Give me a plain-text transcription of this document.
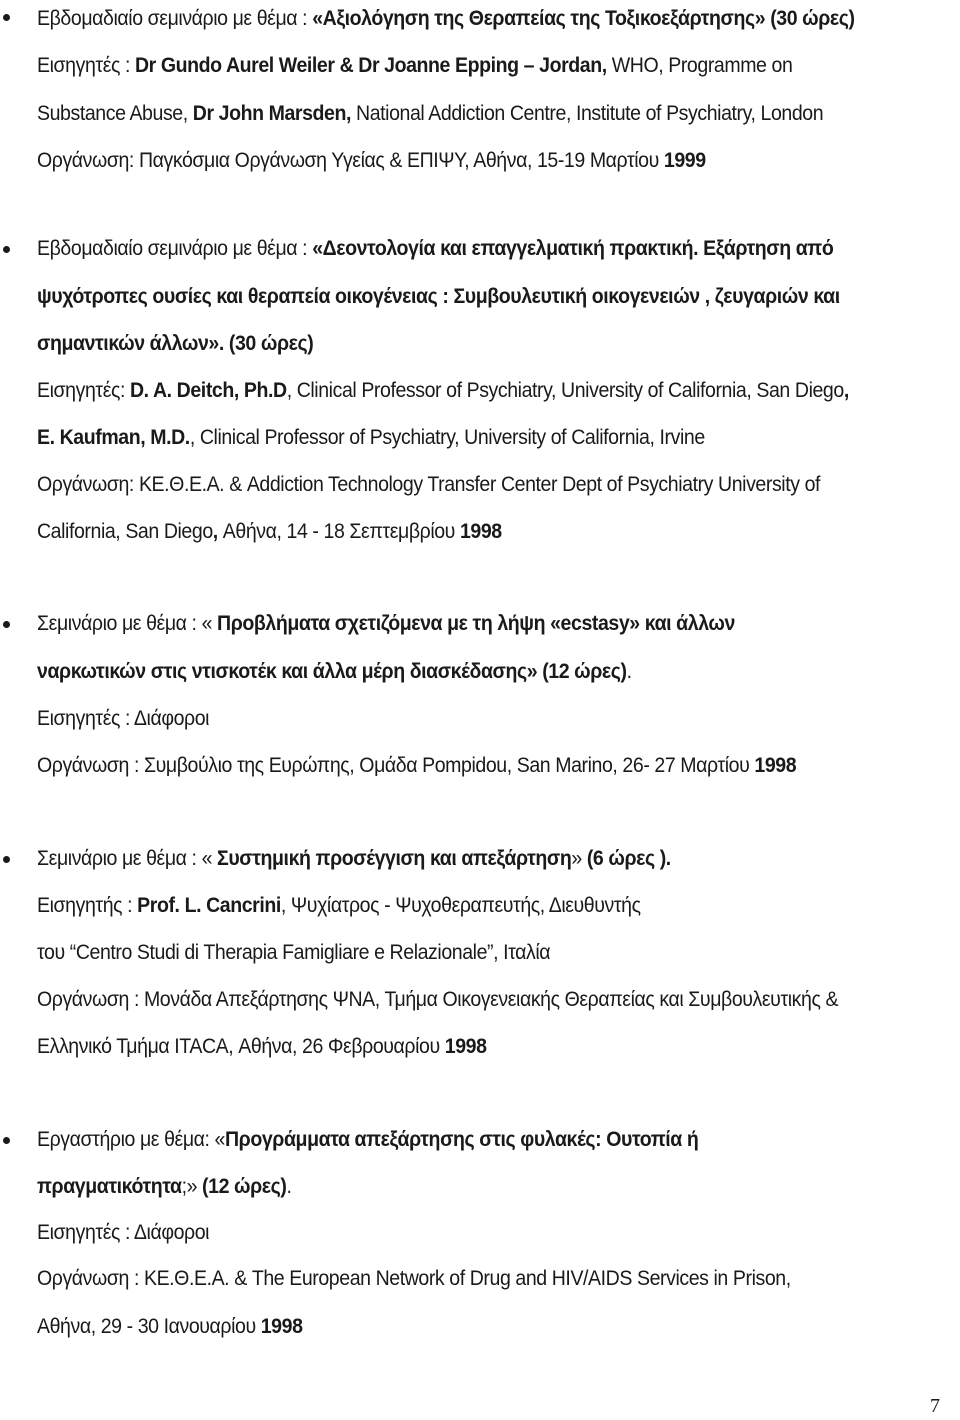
Εβδομαδιαίο σεμινάριο με θέμα : «Αξιολόγηση της Θεραπείας της Τοξικοεξάρτησης» (30 ώρες)
Εισηγητές : Dr Gundo Aurel Weiler & Dr Joanne Epping – Jordan, WHO, Programme on
Substance Abuse, Dr John Marsden, National Addiction Centre, Institute of Psychiatry, London
Οργάνωση: Παγκόσμια Οργάνωση Υγείας & ΕΠΙΨΥ, Αθήνα, 15-19 Μαρτίου 1999
Εβδομαδιαίο σεμινάριο με θέμα : «Δεοντολογία και επαγγελματική πρακτική. Εξάρτηση από
ψυχότροπες ουσίες και θεραπεία οικογένειας : Συμβουλευτική οικογενειών , ζευγαριών και
σημαντικών άλλων». (30 ώρες)
Εισηγητές: D. A. Deitch, Ph.D, Clinical Professor of Psychiatry, University of California, San Diego,
E. Kaufman, M.D., Clinical Professor of Psychiatry, University of California, Irvine
Οργάνωση: ΚΕ.Θ.Ε.Α. & Addiction Technology Transfer Center Dept of Psychiatry University of
California, San Diego, Αθήνα, 14 - 18 Σεπτεμβρίου 1998
Σεμινάριο με θέμα : « Προβλήματα σχετιζόμενα με τη λήψη «ecstasy» και άλλων
ναρκωτικών στις ντισκοτέκ και άλλα μέρη διασκέδασης» (12 ώρες).
Εισηγητές : Διάφοροι
Οργάνωση : Συμβούλιο της Ευρώπης, Ομάδα Pompidou, San Marino, 26- 27 Μαρτίου 1998
Σεμινάριο με θέμα : « Συστημική προσέγγιση και απεξάρτηση» (6 ώρες ).
Εισηγητής : Prof. L. Cancrini, Ψυχίατρος - Ψυχοθεραπευτής, Διευθυντής
του “Centro Studi di Therapia Famigliare e Relazionale”, Ιταλία
Οργάνωση : Μονάδα Απεξάρτησης ΨΝΑ, Τμήμα Οικογενειακής Θεραπείας και Συμβουλευτικής &
Ελληνικό Τμήμα ITACA, Αθήνα, 26 Φεβρουαρίου 1998
Εργαστήριο με θέμα: «Προγράμματα απεξάρτησης στις φυλακές: Ουτοπία ή
πραγματικότητα;» (12 ώρες).
Εισηγητές : Διάφοροι
Οργάνωση : ΚΕ.Θ.Ε.Α. & The European Network of Drug and HIV/AIDS Services in Prison,
Αθήνα, 29 - 30 Ιανουαρίου 1998
7
